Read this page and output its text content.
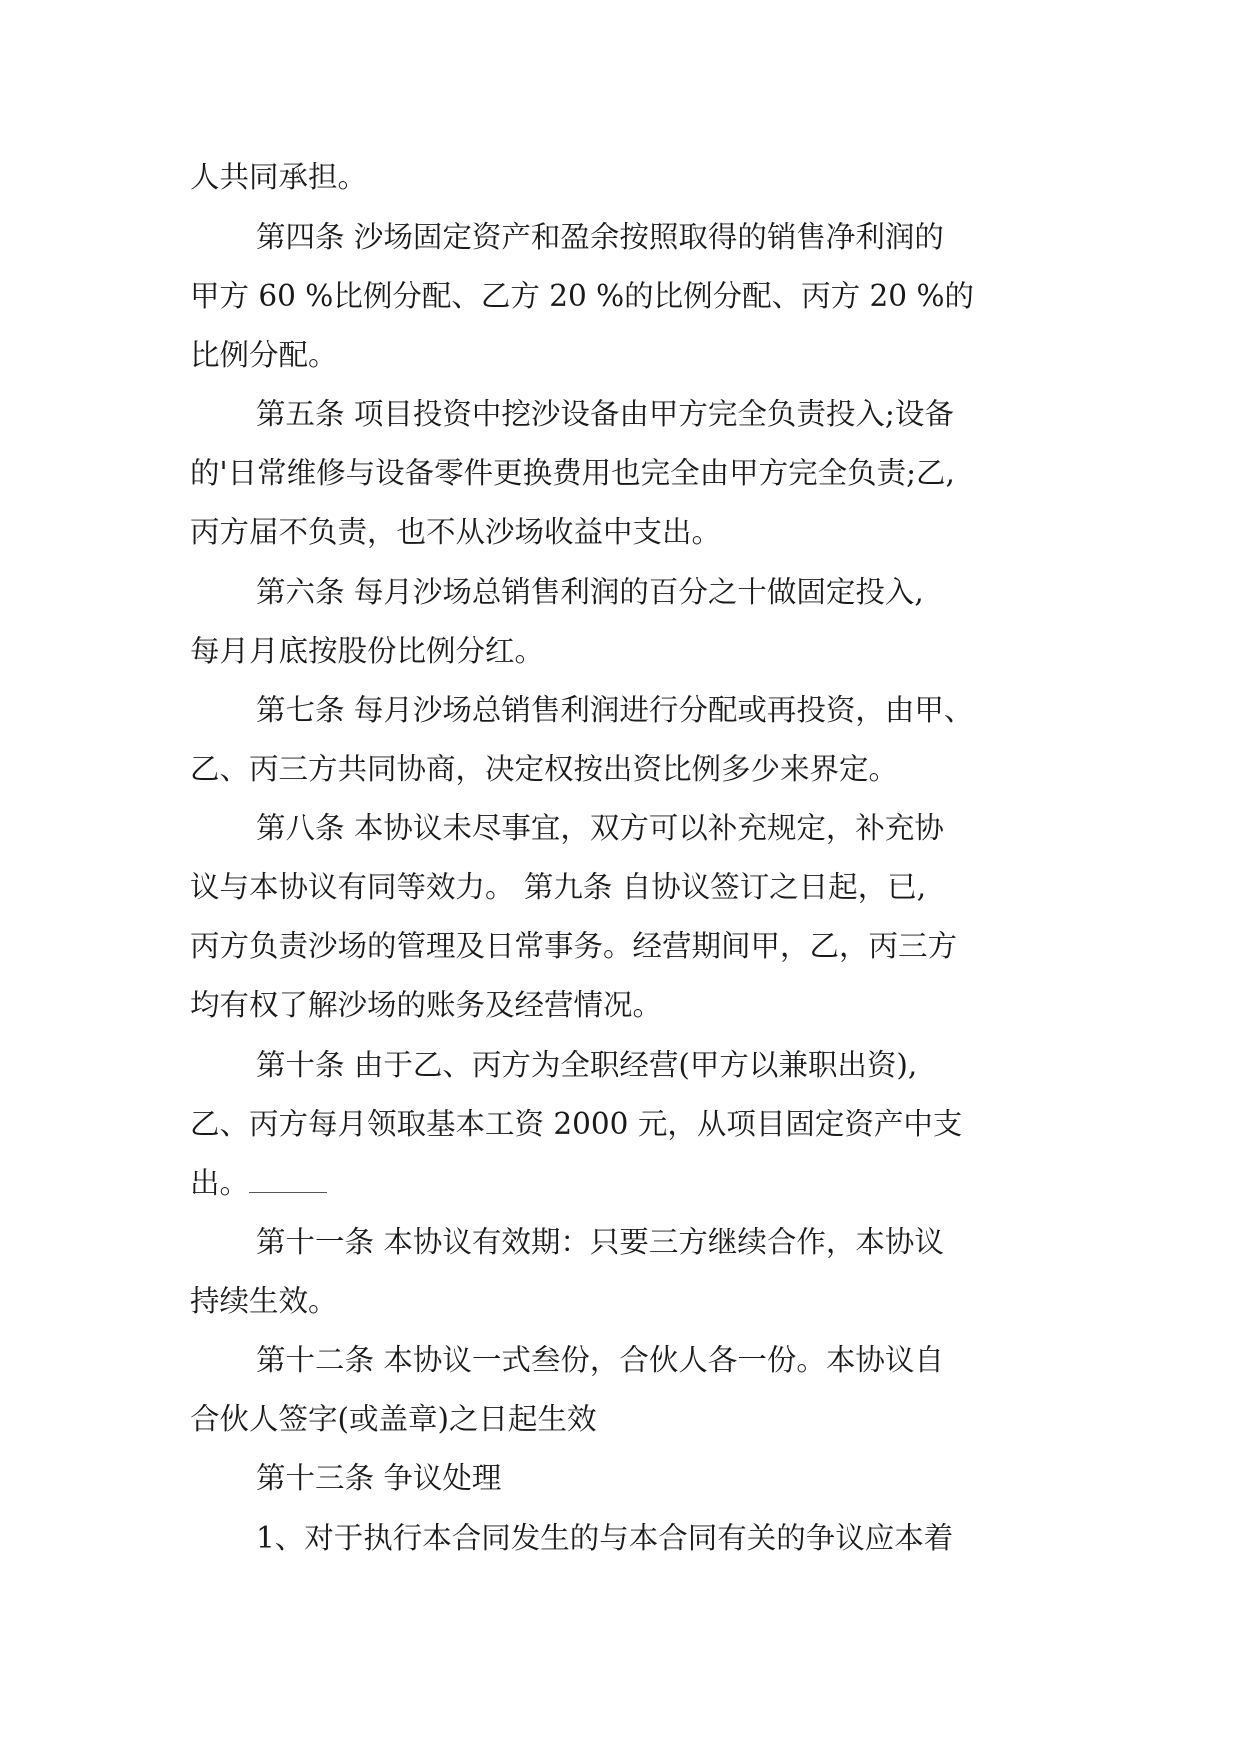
人共同承担。
第四条 沙场固定资产和盈余按照取得的销售净利润的
甲方 60 %比例分配、乙方 20 %的比例分配、丙方 20 %的
比例分配。
第五条 项目投资中挖沙设备由甲方完全负责投入;设备
的'日常维修与设备零件更换费用也完全由甲方完全负责;乙,
丙方届不负责，也不从沙场收益中支出。
第六条 每月沙场总销售利润的百分之十做固定投入,
每月月底按股份比例分红。
第七条 每月沙场总销售利润进行分配或再投资，由甲、
乙、丙三方共同协商，决定权按出资比例多少来界定。
第八条 本协议未尽事宜，双方可以补充规定，补充协
议与本协议有同等效力。 第九条 自协议签订之日起，已,
丙方负责沙场的管理及日常事务。经营期间甲，乙，丙三方
均有权了解沙场的账务及经营情况。
第十条 由于乙、丙方为全职经营(甲方以兼职出资),
乙、丙方每月领取基本工资 2000 元，从项目固定资产中支
出。
第十一条 本协议有效期：只要三方继续合作，本协议
持续生效。
第十二条 本协议一式叁份，合伙人各一份。本协议自
合伙人签字(或盖章)之日起生效
第十三条 争议处理
1、对于执行本合同发生的与本合同有关的争议应本着
